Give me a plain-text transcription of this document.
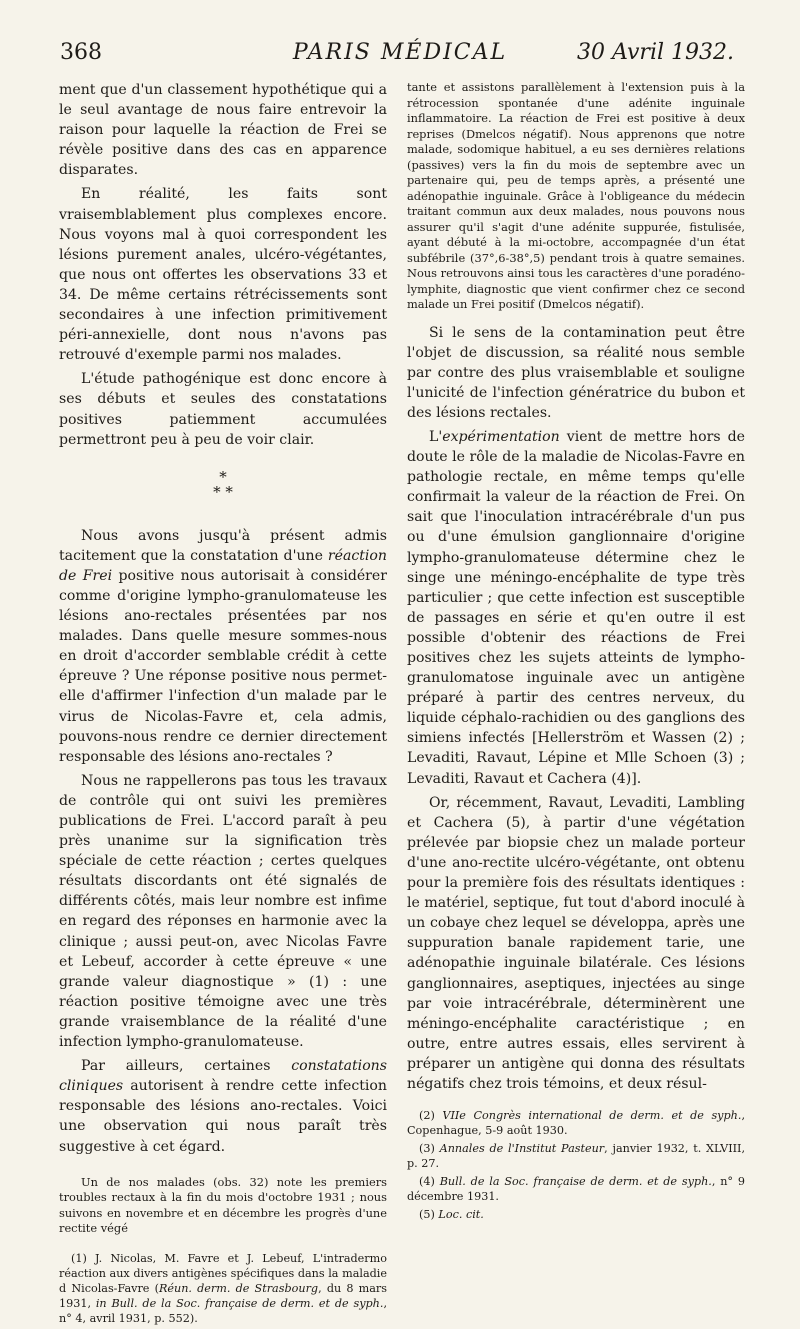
368	PARIS MÉDICAL	30 Avril 1932.

ment que d'un classement hypothétique qui a le seul avantage de nous faire entrevoir la raison pour laquelle la réaction de Frei se révèle positive dans des cas en apparence disparates.

En réalité, les faits sont vraisemblablement plus complexes encore. Nous voyons mal à quoi correspondent les lésions purement anales, ulcéro-végétantes, que nous ont offertes les observations 33 et 34. De même certains rétrécissements sont secondaires à une infection primitivement péri-annexielle, dont nous n'avons pas retrouvé d'exemple parmi nos malades.

L'étude pathogénique est donc encore à ses débuts et seules des constatations positives patiemment accumulées permettront peu à peu de voir clair.

*
* *

Nous avons jusqu'à présent admis tacitement que la constatation d'une réaction de Frei positive nous autorisait à considérer comme d'origine lympho-granulomateuse les lésions ano-rectales présentées par nos malades. Dans quelle mesure sommes-nous en droit d'accorder semblable crédit à cette épreuve ? Une réponse positive nous permet-elle d'affirmer l'infection d'un malade par le virus de Nicolas-Favre et, cela admis, pouvons-nous rendre ce dernier directement responsable des lésions ano-rectales ?

Nous ne rappellerons pas tous les travaux de contrôle qui ont suivi les premières publications de Frei. L'accord paraît à peu près unanime sur la signification très spéciale de cette réaction ; certes quelques résultats discordants ont été signalés de différents côtés, mais leur nombre est infime en regard des réponses en harmonie avec la clinique ; aussi peut-on, avec Nicolas Favre et Lebeuf, accorder à cette épreuve « une grande valeur diagnostique » (1) : une réaction positive témoigne avec une très grande vraisemblance de la réalité d'une infection lympho-granulomateuse.

Par ailleurs, certaines constatations cliniques autorisent à rendre cette infection responsable des lésions ano-rectales. Voici une observation qui nous paraît très suggestive à cet égard.

Un de nos malades (obs. 32) note les premiers troubles rectaux à la fin du mois d'octobre 1931 ; nous suivons en novembre et en décembre les progrès d'une rectite végé

(1) J. Nicolas, M. Favre et J. Lebeuf, L'intradermo réaction aux divers antigènes spécifiques dans la maladie d Nicolas-Favre (Réun. derm. de Strasbourg, du 8 mars 1931, in Bull. de la Soc. française de derm. et de syph., n° 4, avril 1931, p. 552).

tante et assistons parallèlement à l'extension puis à la rétrocession spontanée d'une adénite inguinale inflammatoire. La réaction de Frei est positive à deux reprises (Dmelcos négatif). Nous apprenons que notre malade, sodomique habituel, a eu ses dernières relations (passives) vers la fin du mois de septembre avec un partenaire qui, peu de temps après, a présenté une adénopathie inguinale. Grâce à l'obligeance du médecin traitant commun aux deux malades, nous pouvons nous assurer qu'il s'agit d'une adénite suppurée, fistulisée, ayant débuté à la mi-octobre, accompagnée d'un état subfébrile (37°,6-38°,5) pendant trois à quatre semaines. Nous retrouvons ainsi tous les caractères d'une poradéno-lymphite, diagnostic que vient confirmer chez ce second malade un Frei positif (Dmelcos négatif).

Si le sens de la contamination peut être l'objet de discussion, sa réalité nous semble par contre des plus vraisemblable et souligne l'unicité de l'infection génératrice du bubon et des lésions rectales.

L'expérimentation vient de mettre hors de doute le rôle de la maladie de Nicolas-Favre en pathologie rectale, en même temps qu'elle confirmait la valeur de la réaction de Frei. On sait que l'inoculation intracérébrale d'un pus ou d'une émulsion ganglionnaire d'origine lympho-granulomateuse détermine chez le singe une méningo-encéphalite de type très particulier ; que cette infection est susceptible de passages en série et qu'en outre il est possible d'obtenir des réactions de Frei positives chez les sujets atteints de lympho-granulomatose inguinale avec un antigène préparé à partir des centres nerveux, du liquide céphalo-rachidien ou des ganglions des simiens infectés [Hellerström et Wassen (2) ; Levaditi, Ravaut, Lépine et Mlle Schoen (3) ; Levaditi, Ravaut et Cachera (4)].

Or, récemment, Ravaut, Levaditi, Lambling et Cachera (5), à partir d'une végétation prélevée par biopsie chez un malade porteur d'une ano-rectite ulcéro-végétante, ont obtenu pour la première fois des résultats identiques : le matériel, septique, fut tout d'abord inoculé à un cobaye chez lequel se développa, après une suppuration banale rapidement tarie, une adénopathie inguinale bilatérale. Ces lésions ganglionnaires, aseptiques, injectées au singe par voie intracérébrale, déterminèrent une méningo-encéphalite caractéristique ; en outre, entre autres essais, elles servirent à préparer un antigène qui donna des résultats négatifs chez trois témoins, et deux résul-

(2) VIIe Congrès international de derm. et de syph., Copenhague, 5-9 août 1930.

(3) Annales de l'Institut Pasteur, janvier 1932, t. XLVIII, p. 27.

(4) Bull. de la Soc. française de derm. et de syph., n° 9 décembre 1931.

(5) Loc. cit.
